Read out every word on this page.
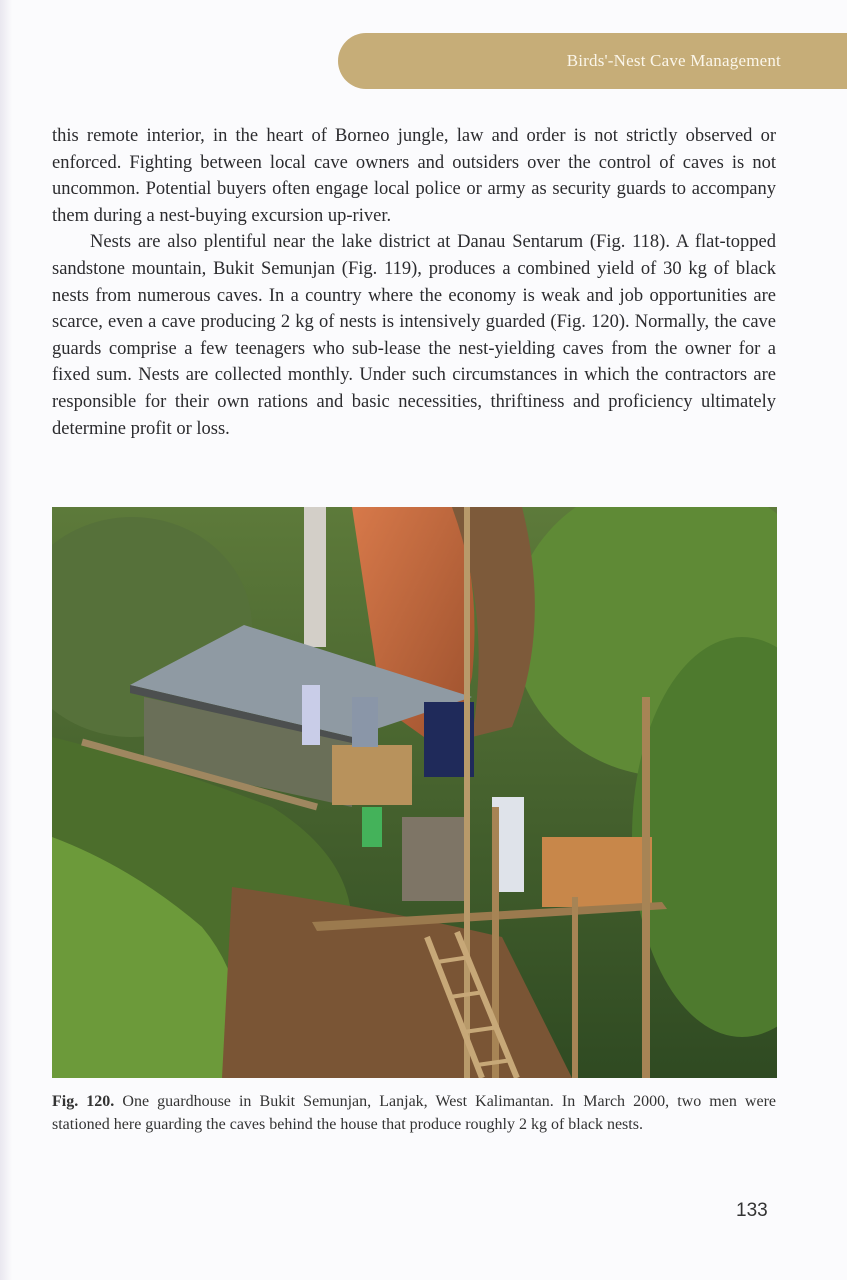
Birds'-Nest Cave Management

this remote interior, in the heart of Borneo jungle, law and order is not strictly observed or enforced. Fighting between local cave owners and outsiders over the control of caves is not uncommon. Potential buyers often engage local police or army as security guards to accompany them during a nest-buying excursion up-river.

Nests are also plentiful near the lake district at Danau Sentarum (Fig. 118). A flat-topped sandstone mountain, Bukit Semunjan (Fig. 119), produces a combined yield of 30 kg of black nests from numerous caves. In a country where the economy is weak and job opportunities are scarce, even a cave producing 2 kg of nests is intensively guarded (Fig. 120). Normally, the cave guards comprise a few teenagers who sub-lease the nest-yielding caves from the owner for a fixed sum. Nests are collected monthly. Under such circumstances in which the contractors are responsible for their own rations and basic necessities, thriftiness and proficiency ultimately determine profit or loss.

Fig. 120. One guardhouse in Bukit Semunjan, Lanjak, West Kalimantan. In March 2000, two men were stationed here guarding the caves behind the house that produce roughly 2 kg of black nests.

133
